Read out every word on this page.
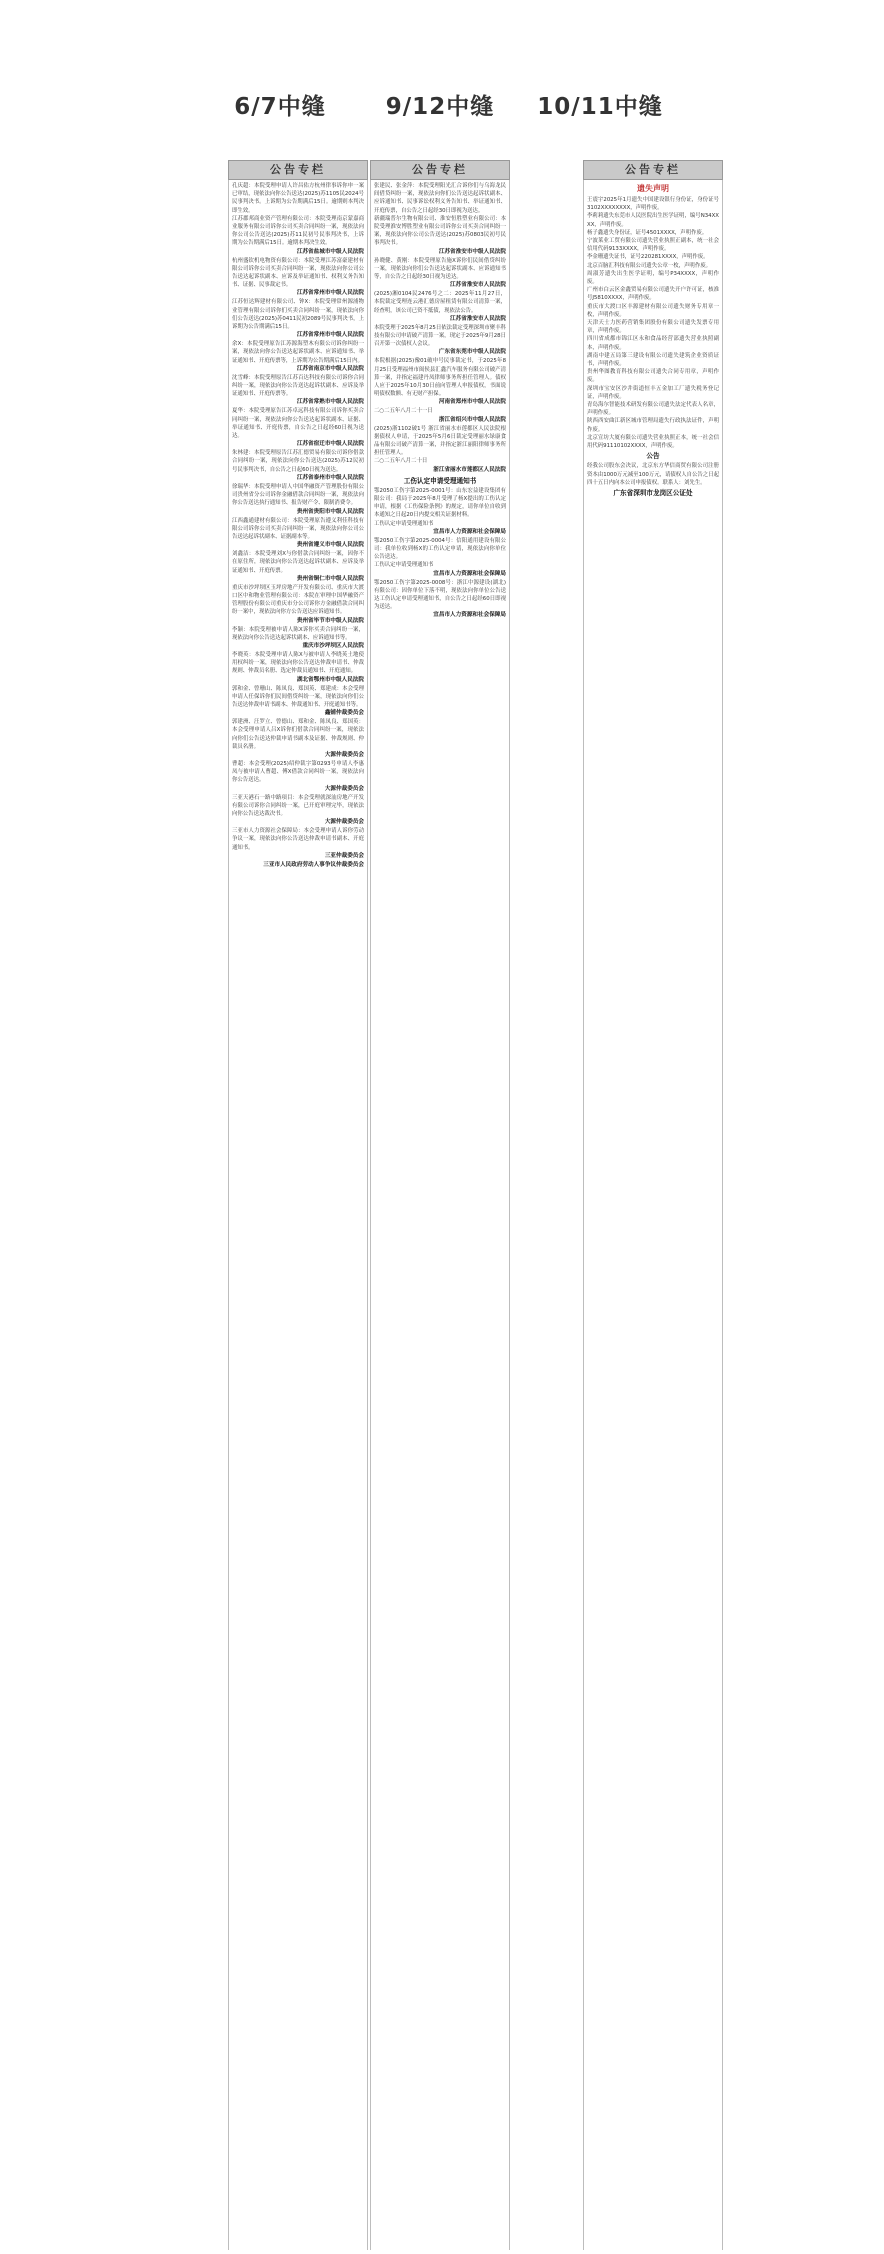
6/7中缝	9/12中缝	10/11中缝
公告专栏
孔庆超：本院受理申请人许昌佑方杭州律事诉你申一案已审结，现依法向你公告送达(2025)苏1105民2024号民事判决书。上诉期为公告期满后15日。逾期则本判决即生效。
江苏郡邦商业资产管理有限公司：本院受理南京蒙嘉商业服务有限公司诉你公司买卖合同纠纷一案，现依法向你公司公告送达(2025)苏11民初号民事判决书，上诉期为公告期满后15日。逾期本判决生效。
江苏省盐城市中级人民法院
杭州盛钦机电物资有限公司：本院受理江苏富豪建材有限公司诉你公司买卖合同纠纷一案，现依法向你公司公告送达起诉状副本、应诉及举证通知书、权利义务告知书、证据、民事裁定书。
江苏省常州市中级人民法院
江苏恒达辉建材有限公司、钟X：本院受理常州源浦物业管理有限公司诉你们买卖合同纠纷一案，现依法向你们公告送达(2025)苏0411民初2089号民事判决书，上诉期为公告期满后15日。
江苏省常州市中级人民法院
余X：本院受理原告江苏源海塑木有限公司诉你纠纷一案，现依法向你公告送达起诉状副本、应诉通知书、举证通知书、开庭传票等，上诉期为公告期满后15日内。
江苏省南京市中级人民法院
沈雪峰：本院受理原告江苏百达科技有限公司诉你合同纠纷一案，现依法向你公告送达起诉状副本、应诉及举证通知书、开庭传票等。
江苏省常熟市中级人民法院
夏华：本院受理原告江苏卓远科技有限公司诉你买卖合同纠纷一案，现依法向你公告送达起诉状副本、证据、举证通知书、开庭传票，自公告之日起经60日视为送达。
江苏省宿迁市中级人民法院
朱林建：本院受理原告江苏汇德贸易有限公司诉你借款合同纠纷一案，现依法向你公告送达(2025)苏12民初号民事判决书，自公告之日起60日视为送达。
江苏省泰州市中级人民法院
徐瑞华：本院受理申请人中国华融资产管理股份有限公司贵州省分公司诉你金融借款合同纠纷一案，现依法向你公告送达执行通知书、报告财产令、限制消费令。
贵州省贵阳市中级人民法院
江西鑫通建材有限公司：本院受理原告遵义利佳科技有限公司诉你公司买卖合同纠纷一案，现依法向你公司公告送达起诉状副本、证据副本等。
贵州省遵义市中级人民法院
刘鑫洁：本院受理刘X与你借款合同纠纷一案，因你不在原住所，现依法向你公告送达起诉状副本、应诉及举证通知书、开庭传票。
贵州省铜仁市中级人民法院
重庆市沙坪坝区玉坪房地产开发有限公司、重庆市大渡口区中和物业管理有限公司：本院在审理中国华融资产管理股份有限公司重庆市分公司诉你方金融借款合同纠纷一案中，现依法向你方公告送达应诉通知书。
贵州省毕节市中级人民法院
李颖：本院受理被申请人陈X诉你买卖合同纠纷一案，现依法向你公告送达起诉状副本、应诉通知书等。
重庆市沙坪坝区人民法院
李晓英：本院受理申请人陈X与被申请人李晓英土地使用权纠纷一案，现依法向你公告送达仲裁申请书、仲裁规则、仲裁员名册、选定仲裁员通知书、开庭通知。
湖北省鄂州市中级人民法院
郭和金、曾珊山、陈凤良、郑国英、郑建成：本会受理申请人任保诉你们民间借贷纠纷一案，现依法向你们公告送达仲裁申请书副本、仲裁通知书、开庭通知书等。
鑫铺仲裁委员会
郭建洲、汪罗立、曾德山、郑和金、陈凤良、郑国英：本会受理申请人吕X诉你们借款合同纠纷一案，现依法向你们公告送达仲裁申请书副本及证据、仲裁规则、仲裁员名册。
大源仲裁委员会
曹超：本会受理(2025)绍仲裁字第0293号申请人李惠凤与被申请人曹超、傅X借款合同纠纷一案，现依法向你公告送达。
大源仲裁委员会
三亚天港石一路中路项目：本会受理就深汕房地产开发有限公司诉你合同纠纷一案，已开庭审理完毕，现依法向你公告送达裁决书。
大源仲裁委员会
三亚市人力资源社会保障局：本会受理申请人诉你劳动争议一案，现依法向你公告送达仲裁申请书副本、开庭通知书。
三亚仲裁委员会
三亚市人民政府劳动人事争议仲裁委员会
公告专栏
张建民、张金萍：本院受理阳光汇合诉你们与乌海龙民间借贷纠纷一案，现依法向你们公告送达起诉状副本、应诉通知书、民事诉讼权利义务告知书、举证通知书、开庭传票，自公告之日起经30日即视为送达。
新疆瑞普尔生物有限公司、淮安恒胜塑业有限公司：本院受理淮安博胜塑业有限公司诉你公司买卖合同纠纷一案，现依法向你公司公告送达(2025)苏0803民初号民事判决书。
江苏省淮安市中级人民法院
孙晓健、黄刚：本院受理原告施X诉你们民间借贷纠纷一案，现依法向你们公告送达起诉状副本、应诉通知书等，自公告之日起经30日视为送达。
江苏省淮安市人民法院
(2025)湘0104民2476号之二：2025年11月27日，本院裁定受理连云港汇德房屋租赁有限公司清算一案，经查明，该公司已资不抵债，现依法公告。
江苏省淮安市人民法院
本院受理于2025年8月25日依法裁定受理深圳市聚丰科技有限公司申请破产清算一案，现定于2025年9月28日召开第一次债权人会议。
广东省东莞市中级人民法院
本院根据(2025)豫01破申号民事裁定书，于2025年8月25日受理福州市闽侯县汇鑫汽车服务有限公司破产清算一案，并指定福建丹凤律师事务所担任管理人。债权人应于2025年10月30日前向管理人申报债权，书面说明债权数额、有无财产担保。
河南省郑州市中级人民法院
二○二五年八月二十一日
浙江省绍兴市中级人民法院
(2025)浙1102破1号 浙江省丽水市莲都区人民法院根据债权人申请，于2025年5月6日裁定受理丽水绿康食品有限公司破产清算一案，并指定浙江丽阳律师事务所担任管理人。
二○二五年八月二十日
浙江省丽水市莲都区人民法院
工伤认定申请受理通知书
鄂2050工伤字第2025-0001号：山东宏益建设集团有限公司：我局于2025年8月受理了杨X提出的工伤认定申请，根据《工伤保险条例》的规定，请你单位自收到本通知之日起20日内提交相关证据材料。
工伤认定申请受理通知书
宜昌市人力资源和社会保障局
鄂2050工伤字第2025-0004号：信阳通用建设有限公司：我单位收到杨X的工伤认定申请，现依法向你单位公告送达。
工伤认定申请受理通知书
宜昌市人力资源和社会保障局
鄂2050工伤字第2025-0008号：浙江中源建设(湖北)有限公司：因你单位下落不明，现依法向你单位公告送达工伤认定申请受理通知书，自公告之日起经60日即视为送达。
宜昌市人力资源和社会保障局
公告专栏
遗失声明
王震宇2025年1月遗失中国建设银行身份证，身份证号3102XXXXXXXX，声明作废。
李莉莉遗失东莞市人民医院出生医学证明，编号N34XXXX，声明作废。
杨子鑫遗失身份证，证号4501XXXX，声明作废。
宁波莱业工贸有限公司遗失营业执照正副本，统一社会信用代码9133XXXX，声明作废。
李金珊遗失证书，证号220281XXXX，声明作废。
北京百脑汇科技有限公司遗失公章一枚，声明作废。
周淑芳遗失出生医学证明，编号P34XXXX，声明作废。
广州市白云区金鑫贸易有限公司遗失开户许可证，核准号J5810XXXX，声明作废。
重庆市大渡口区丰源建材有限公司遗失财务专用章一枚，声明作废。
天津天士力医药营销集团股份有限公司遗失发票专用章，声明作废。
四川省成都市锦江区永和食品经营部遗失营业执照副本，声明作废。
湖南中建五局第三建设有限公司遗失建筑企业资质证书，声明作废。
贵州华图教育科技有限公司遗失合同专用章，声明作废。
深圳市宝安区沙井街道恒丰五金加工厂遗失税务登记证，声明作废。
青岛海尔智能技术研发有限公司遗失法定代表人名章，声明作废。
陕西西安曲江新区城市管理局遗失行政执法证件，声明作废。
北京宣坊大厦有限公司遗失营业执照正本，统一社会信用代码91110102XXXX，声明作废。
公告
经我公司股东会决议，北京东方华信商贸有限公司注册资本由1000万元减至100万元，请债权人自公告之日起四十五日内向本公司申报债权。联系人：刘先生。
广东省深圳市龙岗区公证处
